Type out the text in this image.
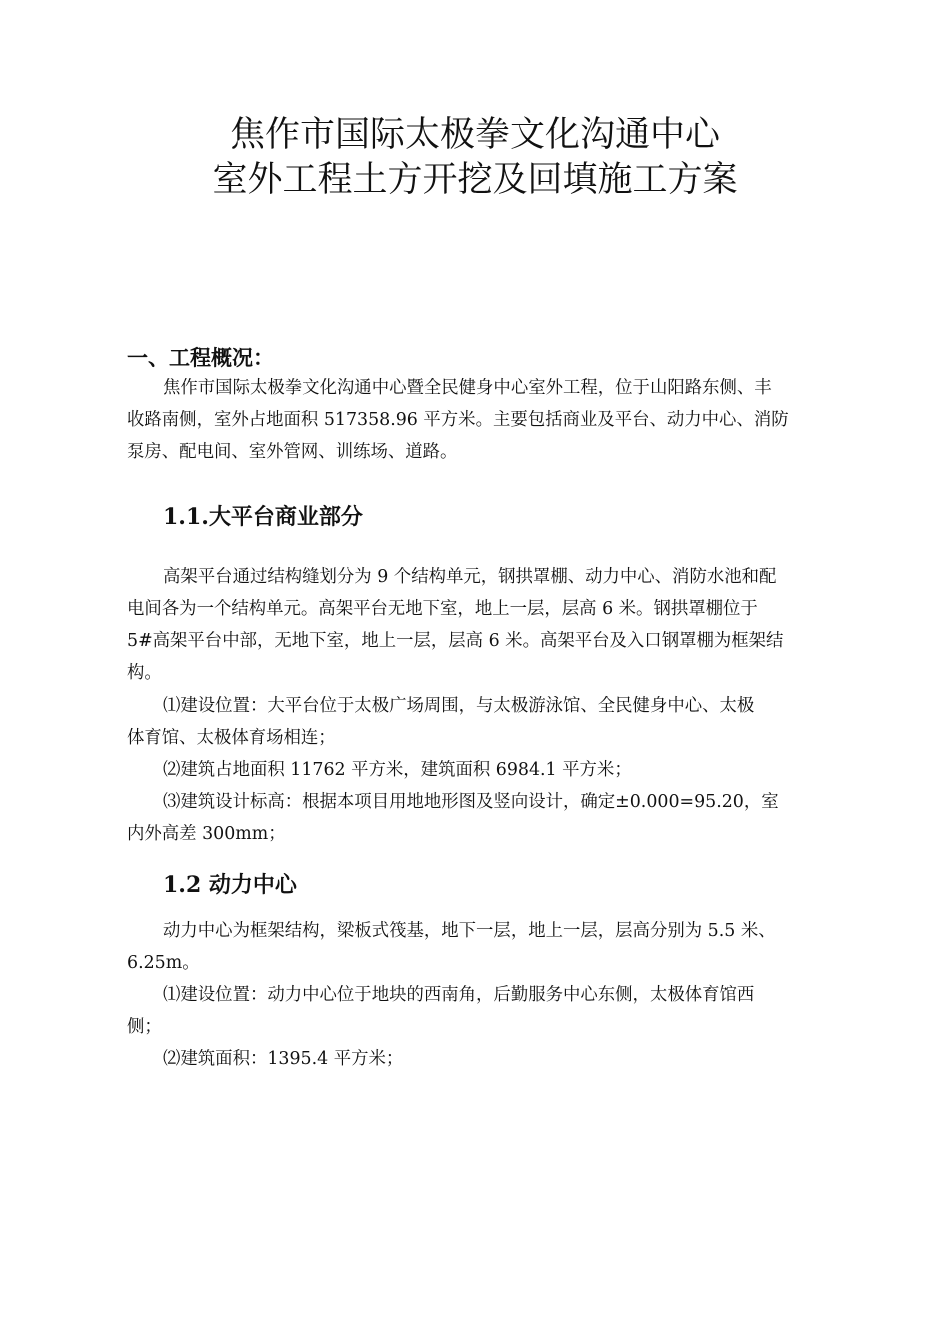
焦作市国际太极拳文化沟通中心
室外工程土方开挖及回填施工方案
一、工程概况：

焦作市国际太极拳文化沟通中心暨全民健身中心室外工程，位于山阳路东侧、丰
收路南侧，室外占地面积 517358.96 平方米。主要包括商业及平台、动力中心、消防
泵房、配电间、室外管网、训练场、道路。

1.1.大平台商业部分

高架平台通过结构缝划分为 9 个结构单元，钢拱罩棚、动力中心、消防水池和配
电间各为一个结构单元。高架平台无地下室，地上一层，层高 6 米。钢拱罩棚位于
5#高架平台中部，无地下室，地上一层，层高 6 米。高架平台及入口钢罩棚为框架结
构。

⑴建设位置：大平台位于太极广场周围，与太极游泳馆、全民健身中心、太极
体育馆、太极体育场相连；

⑵建筑占地面积 11762 平方米，建筑面积 6984.1 平方米；

⑶建筑设计标高：根据本项目用地地形图及竖向设计，确定±0.000=95.20，室
内外高差 300mm；

1.2 动力中心

动力中心为框架结构，梁板式筏基，地下一层，地上一层，层高分别为 5.5 米、
6.25m。

⑴建设位置：动力中心位于地块的西南角，后勤服务中心东侧，太极体育馆西
侧；

⑵建筑面积：1395.4 平方米；
